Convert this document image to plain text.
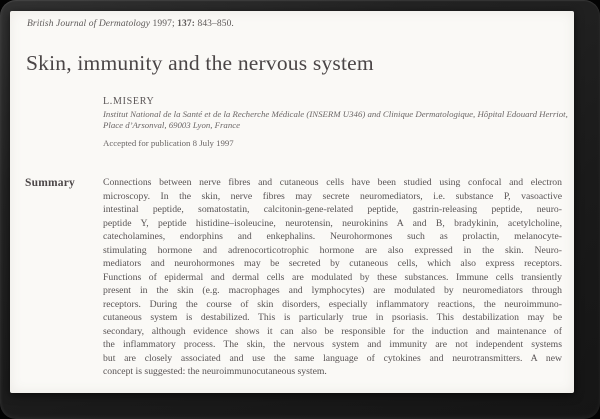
British Journal of Dermatology 1997; 137: 843–850.
Skin, immunity and the nervous system
L.MISERY
Institut National de la Santé et de la Recherche Médicale (INSERM U346) and Clinique Dermatologique, Hôpital Edouard Herriot,
Place d’Arsonval, 69003 Lyon, France
Accepted for publication 8 July 1997
Summary	Connections between nerve fibres and cutaneous cells have been studied using confocal and electron
microscopy. In the skin, nerve fibres may secrete neuromediators, i.e. substance P, vasoactive
intestinal peptide, somatostatin, calcitonin-gene-related peptide, gastrin-releasing peptide, neuro-
peptide Y, peptide histidine–isoleucine, neurotensin, neurokinins A and B, bradykinin, acetylcholine,
catecholamines, endorphins and enkephalins. Neurohormones such as prolactin, melanocyte-
stimulating hormone and adrenocorticotrophic hormone are also expressed in the skin. Neuro-
mediators and neurohormones may be secreted by cutaneous cells, which also express receptors.
Functions of epidermal and dermal cells are modulated by these substances. Immune cells transiently
present in the skin (e.g. macrophages and lymphocytes) are modulated by neuromediators through
receptors. During the course of skin disorders, especially inflammatory reactions, the neuroimmuno-
cutaneous system is destabilized. This is particularly true in psoriasis. This destabilization may be
secondary, although evidence shows it can also be responsible for the induction and maintenance of
the inflammatory process. The skin, the nervous system and immunity are not independent systems
but are closely associated and use the same language of cytokines and neurotransmitters. A new
concept is suggested: the neuroimmunocutaneous system.
